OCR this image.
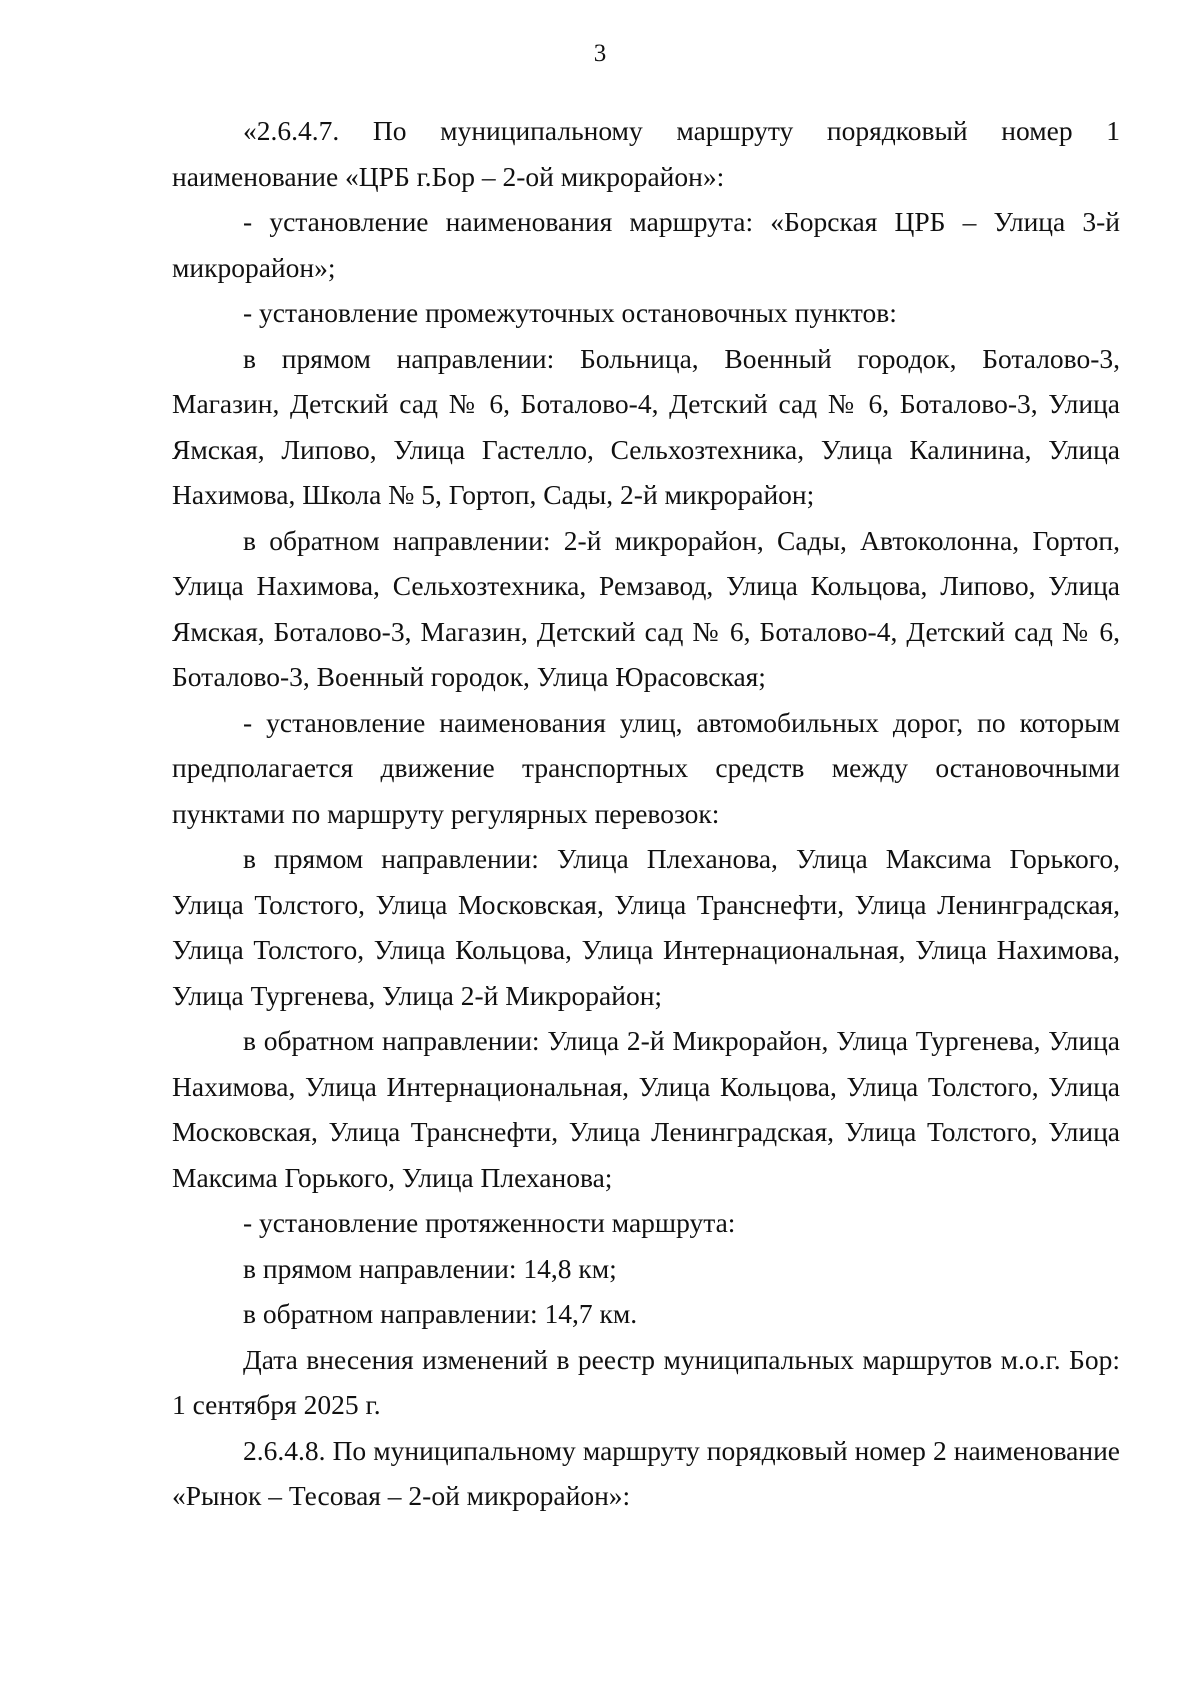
3

«2.6.4.7. По муниципальному маршруту порядковый номер 1 наименование «ЦРБ г.Бор – 2-ой микрорайон»:

- установление наименования маршрута: «Борская ЦРБ – Улица 3-й микрорайон»;

- установление промежуточных остановочных пунктов:

в прямом направлении: Больница, Военный городок, Боталово-3, Магазин, Детский сад № 6, Боталово-4, Детский сад № 6, Боталово-3, Улица Ямская, Липово, Улица Гастелло, Сельхозтехника, Улица Калинина, Улица Нахимова, Школа № 5, Гортоп, Сады, 2-й микрорайон;

в обратном направлении: 2-й микрорайон, Сады, Автоколонна, Гортоп, Улица Нахимова, Сельхозтехника, Ремзавод, Улица Кольцова, Липово, Улица Ямская, Боталово-3, Магазин, Детский сад № 6, Боталово-4, Детский сад № 6, Боталово-3, Военный городок, Улица Юрасовская;

- установление наименования улиц, автомобильных дорог, по которым предполагается движение транспортных средств между остановочными пунктами по маршруту регулярных перевозок:

в прямом направлении: Улица Плеханова, Улица Максима Горького, Улица Толстого, Улица Московская, Улица Транснефти, Улица Ленинградская, Улица Толстого, Улица Кольцова, Улица Интернациональная, Улица Нахимова, Улица Тургенева, Улица 2-й Микрорайон;

в обратном направлении: Улица 2-й Микрорайон, Улица Тургенева, Улица Нахимова, Улица Интернациональная, Улица Кольцова, Улица Толстого, Улица Московская, Улица Транснефти, Улица Ленинградская, Улица Толстого, Улица Максима Горького, Улица Плеханова;

- установление протяженности маршрута:

в прямом направлении: 14,8 км;

в обратном направлении: 14,7 км.

Дата внесения изменений в реестр муниципальных маршрутов м.о.г. Бор: 1 сентября 2025 г.

2.6.4.8. По муниципальному маршруту порядковый номер 2 наименование «Рынок – Тесовая – 2-ой микрорайон»:
